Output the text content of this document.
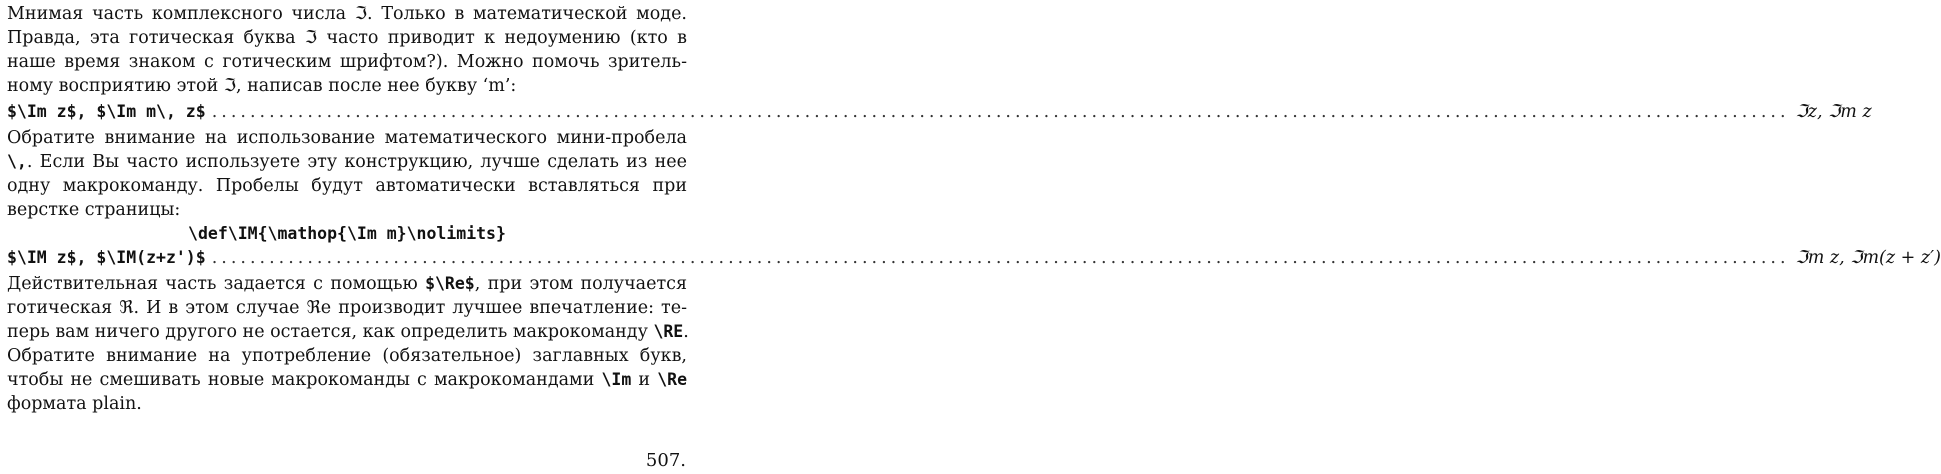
Мнимая часть комплексного числа ℑ. Только в математической моде.
Правда, эта готическая буква ℑ часто приводит к недоумению (кто в
наше время знаком с готическим шрифтом?). Можно помочь зритель-
ному восприятию этой ℑ, написав после нее букву ‘m’:
$\Im z$, $\Im m\, z$ .....	ℑz, ℑm z
Обратите внимание на использование математического мини-пробела
\,. Если Вы часто используете эту конструкцию, лучше сделать из нее
одну макрокоманду. Пробелы будут автоматически вставляться при
верстке страницы:
\def\IM{\mathop{\Im m}\nolimits}
$\IM z$, $\IM(z+z')$ .....	ℑm z, ℑm(z + z′)
Действительная часть задается с помощью $\Re$, при этом получается
готическая ℜ. И в этом случае ℜe производит лучшее впечатление: те-
перь вам ничего другого не остается, как определить макрокоманду \RE.
Обратите внимание на употребление (обязательное) заглавных букв,
чтобы не смешивать новые макрокоманды с макрокомандами \Im и \Re
формата plain.
507.
